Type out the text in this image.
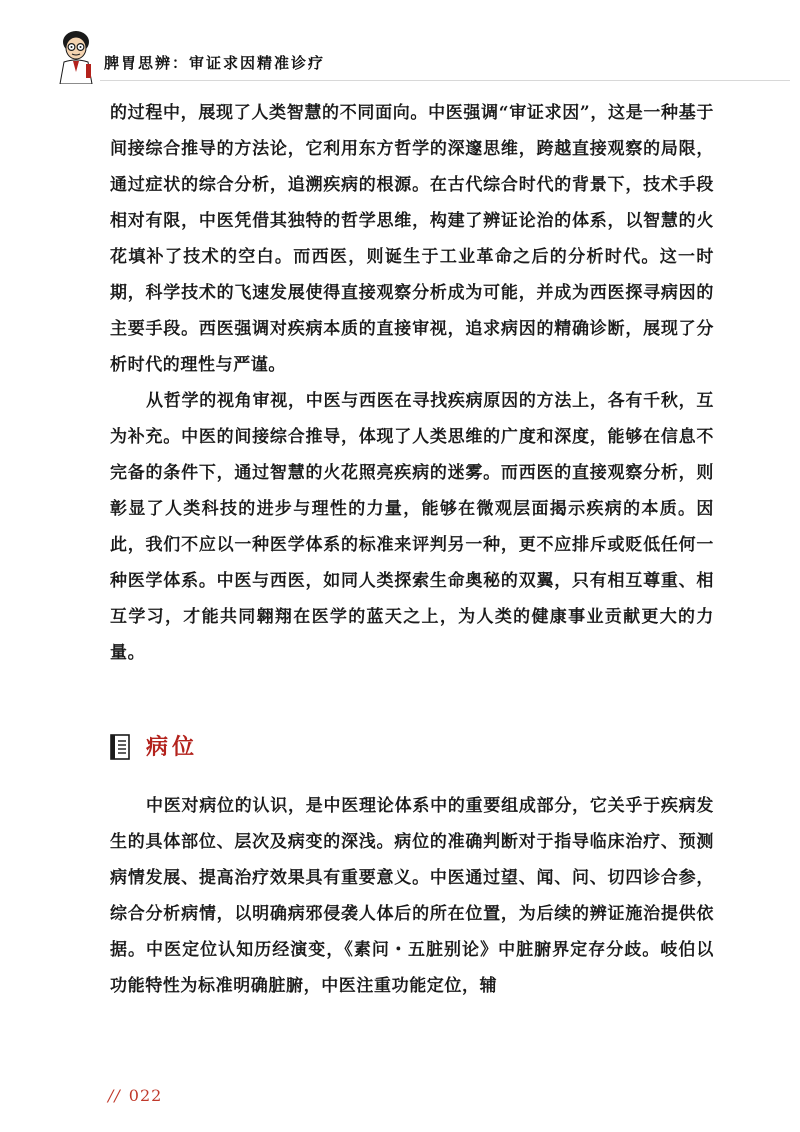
脾胃思辨：审证求因精准诊疗

的过程中，展现了人类智慧的不同面向。中医强调“审证求因”，这是一种基于间接综合推导的方法论，它利用东方哲学的深邃思维，跨越直接观察的局限，通过症状的综合分析，追溯疾病的根源。在古代综合时代的背景下，技术手段相对有限，中医凭借其独特的哲学思维，构建了辨证论治的体系，以智慧的火花填补了技术的空白。而西医，则诞生于工业革命之后的分析时代。这一时期，科学技术的飞速发展使得直接观察分析成为可能，并成为西医探寻病因的主要手段。西医强调对疾病本质的直接审视，追求病因的精确诊断，展现了分析时代的理性与严谨。

从哲学的视角审视，中医与西医在寻找疾病原因的方法上，各有千秋，互为补充。中医的间接综合推导，体现了人类思维的广度和深度，能够在信息不完备的条件下，通过智慧的火花照亮疾病的迷雾。而西医的直接观察分析，则彰显了人类科技的进步与理性的力量，能够在微观层面揭示疾病的本质。因此，我们不应以一种医学体系的标准来评判另一种，更不应排斥或贬低任何一种医学体系。中医与西医，如同人类探索生命奥秘的双翼，只有相互尊重、相互学习，才能共同翱翔在医学的蓝天之上，为人类的健康事业贡献更大的力量。

病位

中医对病位的认识，是中医理论体系中的重要组成部分，它关乎于疾病发生的具体部位、层次及病变的深浅。病位的准确判断对于指导临床治疗、预测病情发展、提高治疗效果具有重要意义。中医通过望、闻、问、切四诊合参，综合分析病情，以明确病邪侵袭人体后的所在位置，为后续的辨证施治提供依据。中医定位认知历经演变，《素问・五脏别论》中脏腑界定存分歧。岐伯以功能特性为标准明确脏腑，中医注重功能定位，辅

// 022
